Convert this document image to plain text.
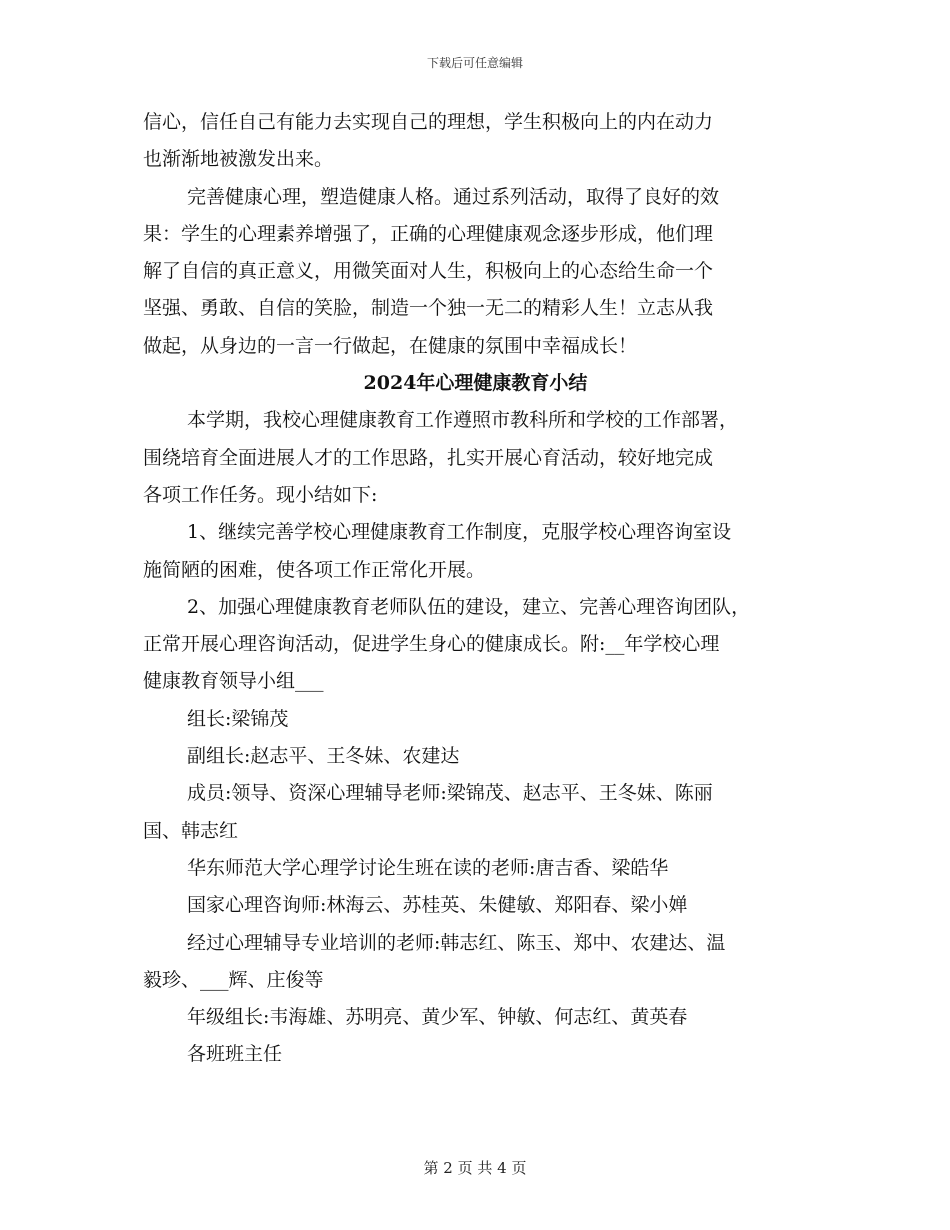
下载后可任意编辑
信心，信任自己有能力去实现自己的理想，学生积极向上的内在动力
也渐渐地被激发出来。
完善健康心理，塑造健康人格。通过系列活动，取得了良好的效
果：学生的心理素养增强了，正确的心理健康观念逐步形成，他们理
解了自信的真正意义，用微笑面对人生，积极向上的心态给生命一个
坚强、勇敢、自信的笑脸，制造一个独一无二的精彩人生！立志从我
做起，从身边的一言一行做起，在健康的氛围中幸福成长！
2024年心理健康教育小结
本学期，我校心理健康教育工作遵照市教科所和学校的工作部署，
围绕培育全面进展人才的工作思路，扎实开展心育活动，较好地完成
各项工作任务。现小结如下:
1、继续完善学校心理健康教育工作制度，克服学校心理咨询室设
施简陋的困难，使各项工作正常化开展。
2、加强心理健康教育老师队伍的建设，建立、完善心理咨询团队，
正常开展心理咨询活动，促进学生身心的健康成长。附:__年学校心理
健康教育领导小组___
组长:梁锦茂
副组长:赵志平、王冬妹、农建达
成员:领导、资深心理辅导老师:梁锦茂、赵志平、王冬妹、陈丽
国、韩志红
华东师范大学心理学讨论生班在读的老师:唐吉香、梁皓华
国家心理咨询师:林海云、苏桂英、朱健敏、郑阳春、梁小婵
经过心理辅导专业培训的老师:韩志红、陈玉、郑中、农建达、温
毅珍、___辉、庄俊等
年级组长:韦海雄、苏明亮、黄少军、钟敏、何志红、黄英春
各班班主任
第 2 页 共 4 页
